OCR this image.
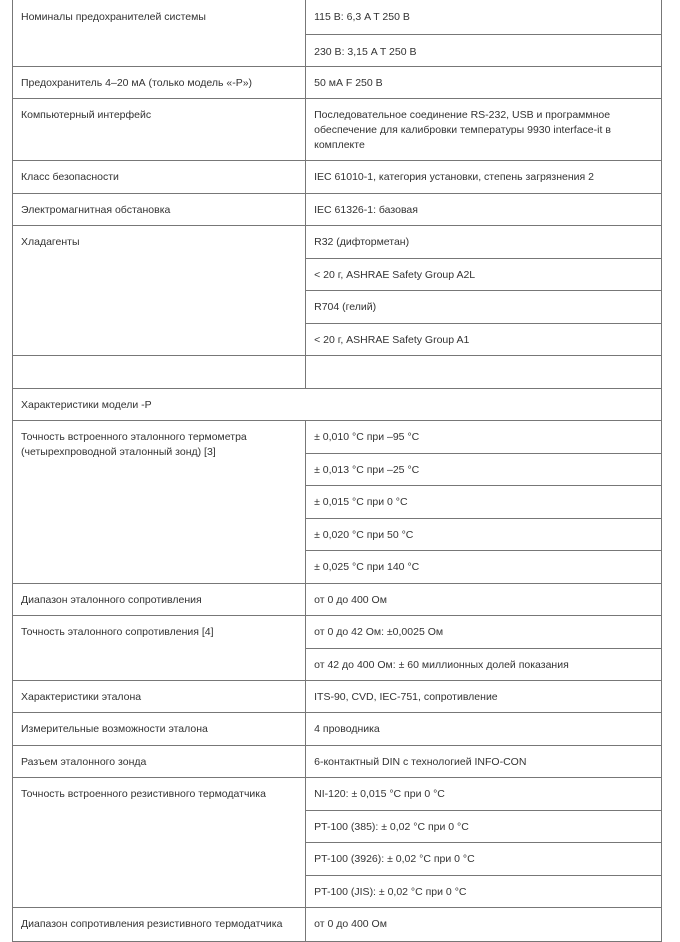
Номиналы предохранителей системы	115 В: 6,3 A T 250 В

	230 В: 3,15 A T 250 В

Предохранитель 4–20 мА (только модель «-P»)	50 мА F 250 В

Компьютерный интерфейс	Последовательное соединение RS-232, USB и программное обеспечение для калибровки температуры 9930 interface-it в комплекте

Класс безопасности	IEC 61010-1, категория установки, степень загрязнения 2

Электромагнитная обстановка	IEC 61326-1: базовая

Хладагенты	R32 (дифторметан)

	< 20 г, ASHRAE Safety Group A2L

	R704 (гелий)

	< 20 г, ASHRAE Safety Group A1

Характеристики модели -P	

Точность встроенного эталонного термометра (четырехпроводной эталонный зонд) [3]	± 0,010 °C при –95 °C

	± 0,013 °C при –25 °C

	± 0,015 °C при 0 °C

	± 0,020 °C при 50 °C

	± 0,025 °C при 140 °C

Диапазон эталонного сопротивления	от 0 до 400 Ом

Точность эталонного сопротивления [4]	от 0 до 42 Ом: ±0,0025 Ом

	от 42 до 400 Ом: ± 60 миллионных долей показания

Характеристики эталона	ITS-90, CVD, IEC-751, сопротивление

Измерительные возможности эталона	4 проводника

Разъем эталонного зонда	6-контактный DIN с технологией INFO-CON

Точность встроенного резистивного термодатчика	NI-120: ± 0,015 °C при 0 °C

	PT-100 (385): ± 0,02 °C при 0 °C

	PT-100 (3926): ± 0,02 °C при 0 °C

	PT-100 (JIS): ± 0,02 °C при 0 °C

Диапазон сопротивления резистивного термодатчика	от 0 до 400 Ом
